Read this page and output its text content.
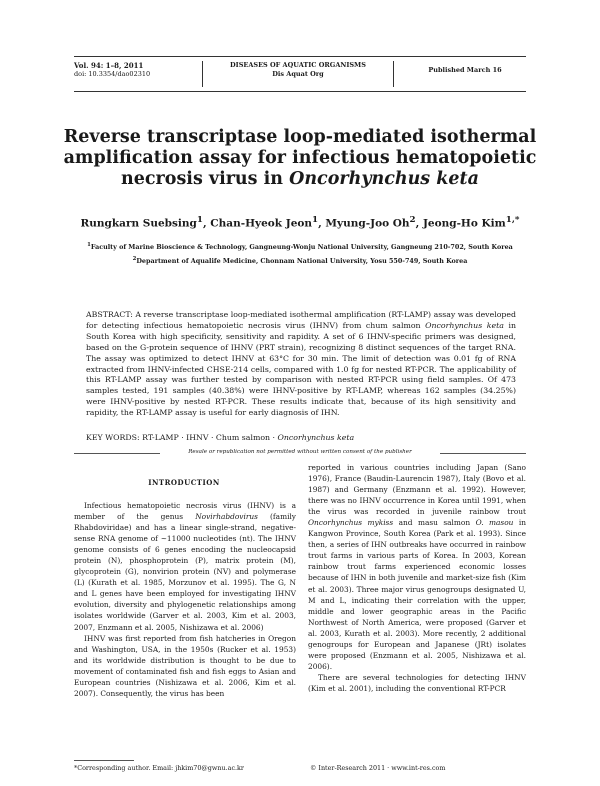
Vol. 94: 1–8, 2011
doi: 10.3354/dao02310
DISEASES OF AQUATIC ORGANISMS
Dis Aquat Org	Published March 16
Reverse transcriptase loop-mediated isothermal
amplification assay for infectious hematopoietic
necrosis virus in Oncorhynchus keta
Rungkarn Suebsing$^1$, Chan-Hyeok Jeon$^1$, Myung-Joo Oh$^2$, Jeong-Ho Kim$^{1,*}$
$^1$Faculty of Marine Bioscience & Technology, Gangneung-Wonju National University, Gangneung 210-702, South Korea
$^2$Department of Aqualife Medicine, Chonnam National University, Yosu 550-749, South Korea
ABSTRACT: A reverse transcriptase loop-mediated isothermal amplification (RT-LAMP) assay was developed for detecting infectious hematopoietic necrosis virus (IHNV) from chum salmon Oncorhynchus keta in South Korea with high specificity, sensitivity and rapidity. A set of 6 IHNV-specific primers was designed, based on the G-protein sequence of IHNV (PRT strain), recognizing 8 distinct sequences of the target RNA. The assay was optimized to detect IHNV at 63°C for 30 min. The limit of detection was 0.01 fg of RNA extracted from IHNV-infected CHSE-214 cells, compared with 1.0 fg for nested RT-PCR. The applicability of this RT-LAMP assay was further tested by comparison with nested RT-PCR using field samples. Of 473 samples tested, 191 samples (40.38%) were IHNV-positive by RT-LAMP, whereas 162 samples (34.25%) were IHNV-positive by nested RT-PCR. These results indicate that, because of its high sensitivity and rapidity, the RT-LAMP assay is useful for early diagnosis of IHN.
KEY WORDS: RT-LAMP · IHNV · Chum salmon · Oncorhynchus keta
Resale or republication not permitted without written consent of the publisher
INTRODUCTION

Infectious hematopoietic necrosis virus (IHNV) is a member of the genus Novirhabdovirus (family Rhabdoviridae) and has a linear single-strand, negative-sense RNA genome of ~11000 nucleotides (nt). The IHNV genome consists of 6 genes encoding the nucleocapsid protein (N), phosphoprotein (P), matrix protein (M), glycoprotein (G), nonvirion protein (NV) and polymerase (L) (Kurath et al. 1985, Morzunov et al. 1995). The G, N and L genes have been employed for investigating IHNV evolution, diversity and phylogenetic relationships among isolates worldwide (Garver et al. 2003, Kim et al. 2003, 2007, Enzmann et al. 2005, Nishizawa et al. 2006)

IHNV was first reported from fish hatcheries in Oregon and Washington, USA, in the 1950s (Rucker et al. 1953) and its worldwide distribution is thought to be due to movement of contaminated fish and fish eggs to Asian and European countries (Nishizawa et al. 2006, Kim et al. 2007). Consequently, the virus has been

reported in various countries including Japan (Sano 1976), France (Baudin-Laurencin 1987), Italy (Bovo et al. 1987) and Germany (Enzmann et al. 1992). However, there was no IHNV occurrence in Korea until 1991, when the virus was recorded in juvenile rainbow trout Oncorhynchus mykiss and masu salmon O. masou in Kangwon Province, South Korea (Park et al. 1993). Since then, a series of IHN outbreaks have occurred in rainbow trout farms in various parts of Korea. In 2003, Korean rainbow trout farms experienced economic losses because of IHN in both juvenile and market-size fish (Kim et al. 2003). Three major virus genogroups designated U, M and L, indicating their correlation with the upper, middle and lower geographic areas in the Pacific Northwest of North America, were proposed (Garver et al. 2003, Kurath et al. 2003). More recently, 2 additional genogroups for European and Japanese (JRt) isolates were proposed (Enzmann et al. 2005, Nishizawa et al. 2006).

There are several technologies for detecting IHNV (Kim et al. 2001), including the conventional RT-PCR

*Corresponding author. Email: jhkim70@gwnu.ac.kr	© Inter-Research 2011 · www.int-res.com
